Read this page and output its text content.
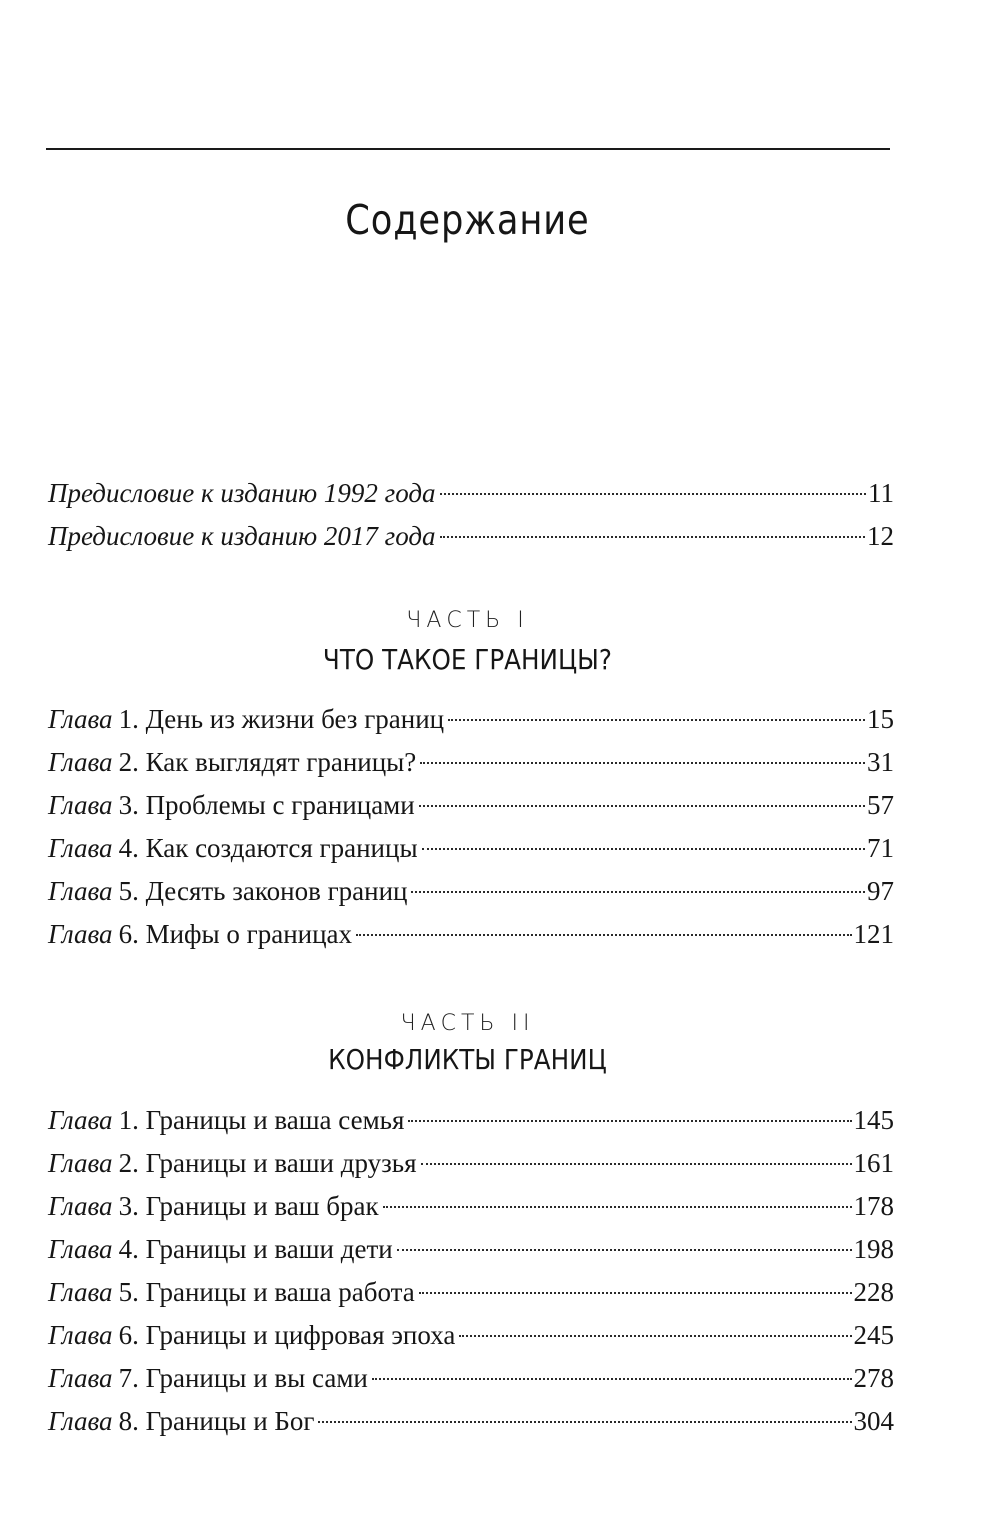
Содержание
Предисловие к изданию 1992 года	11
Предисловие к изданию 2017 года	12
ЧАСТЬ I
ЧТО ТАКОЕ ГРАНИЦЫ?
Глава 1. День из жизни без границ	15
Глава 2. Как выглядят границы?	31
Глава 3. Проблемы с границами	57
Глава 4. Как создаются границы	71
Глава 5. Десять законов границ	97
Глава 6. Мифы о границах	121
ЧАСТЬ II
КОНФЛИКТЫ ГРАНИЦ
Глава 1. Границы и ваша семья	145
Глава 2. Границы и ваши друзья	161
Глава 3. Границы и ваш брак	178
Глава 4. Границы и ваши дети	198
Глава 5. Границы и ваша работа	228
Глава 6. Границы и цифровая эпоха	245
Глава 7. Границы и вы сами	278
Глава 8. Границы и Бог	304
